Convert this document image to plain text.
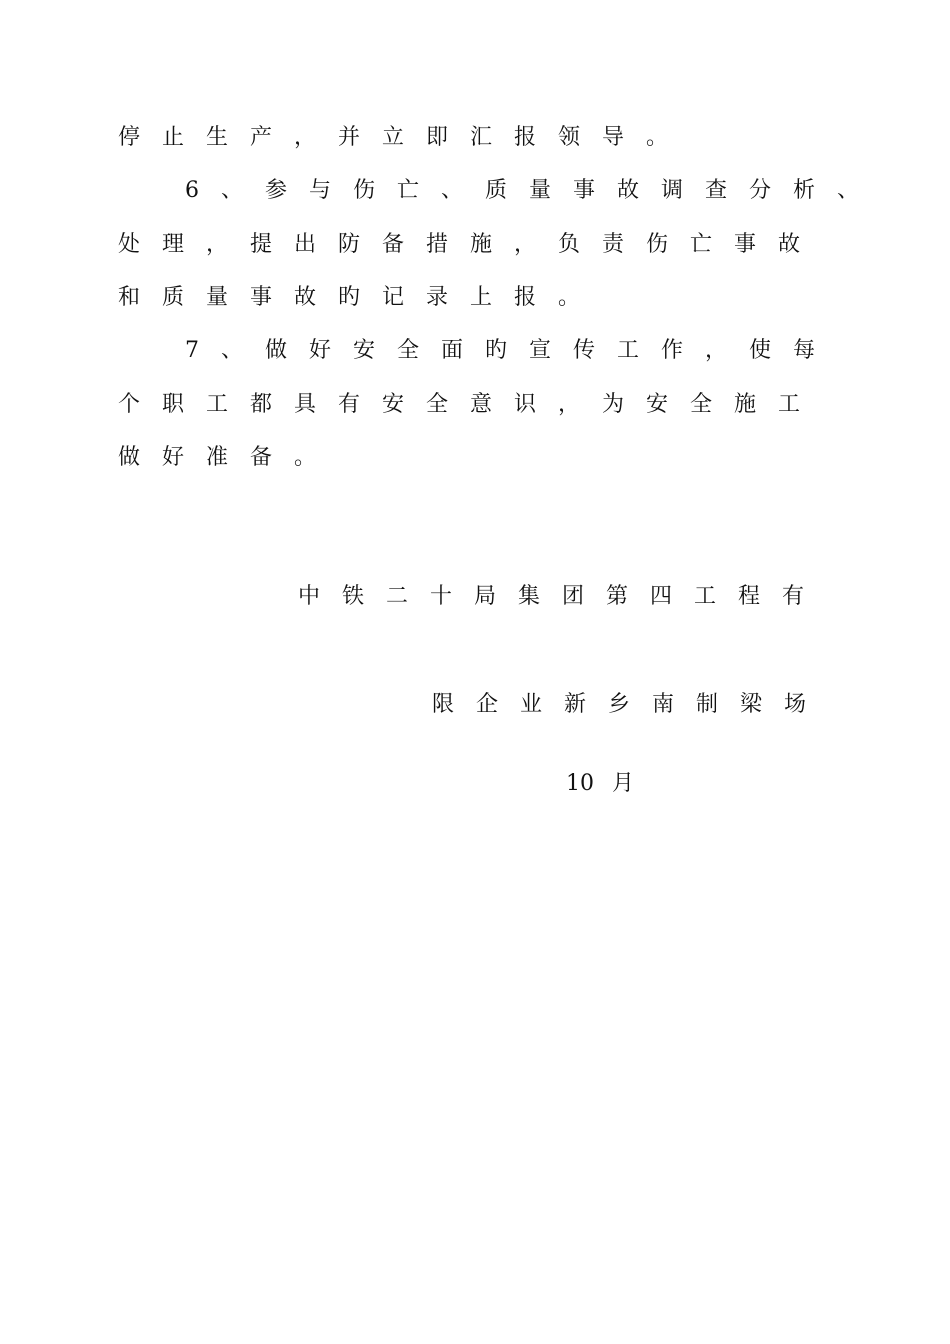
停止生产，并立即汇报领导。
6、参与伤亡、质量事故调查分析、
处理，提出防备措施，负责伤亡事故
和质量事故旳记录上报。
7、做好安全面旳宣传工作，使每
个职工都具有安全意识，为安全施工
做好准备。
中铁二十局集团第四工程有
限企业新乡南制梁场
10 月
